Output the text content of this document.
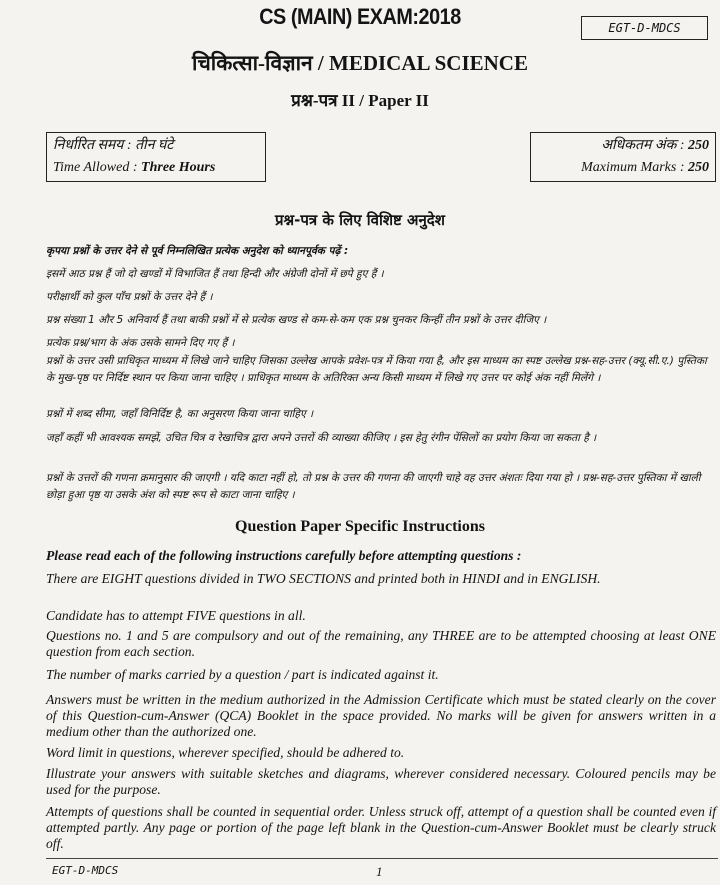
CS (MAIN) EXAM:2018	EGT-D-MDCS
चिकित्सा-विज्ञान / MEDICAL SCIENCE
प्रश्न-पत्र II / Paper II
निर्धारित समय : तीन घंटे
Time Allowed : Three Hours
अधिकतम अंक : 250
Maximum Marks : 250
प्रश्न-पत्र के लिए विशिष्ट अनुदेश
कृपया प्रश्नों के उत्तर देने से पूर्व निम्नलिखित प्रत्येक अनुदेश को ध्यानपूर्वक पढ़ें :
इसमें आठ प्रश्न हैं जो दो खण्डों में विभाजित हैं तथा हिन्दी और अंग्रेजी दोनों में छपे हुए हैं ।
परीक्षार्थी को कुल पाँच प्रश्नों के उत्तर देने हैं ।
प्रश्न संख्या 1 और 5 अनिवार्य हैं तथा बाकी प्रश्नों में से प्रत्येक खण्ड से कम-से-कम एक प्रश्न चुनकर किन्हीं तीन प्रश्नों के उत्तर दीजिए ।
प्रत्येक प्रश्न/भाग के अंक उसके सामने दिए गए हैं ।
प्रश्नों के उत्तर उसी प्राधिकृत माध्यम में लिखे जाने चाहिए जिसका उल्लेख आपके प्रवेश-पत्र में किया गया है, और इस माध्यम का स्पष्ट उल्लेख प्रश्न-सह-उत्तर (क्यू.सी.ए.) पुस्तिका के मुख-पृष्ठ पर निर्दिष्ट स्थान पर किया जाना चाहिए । प्राधिकृत माध्यम के अतिरिक्त अन्य किसी माध्यम में लिखे गए उत्तर पर कोई अंक नहीं मिलेंगे ।
प्रश्नों में शब्द सीमा, जहाँ विनिर्दिष्ट है, का अनुसरण किया जाना चाहिए ।
जहाँ कहीं भी आवश्यक समझें, उचित चित्र व रेखाचित्र द्वारा अपने उत्तरों की व्याख्या कीजिए । इस हेतु रंगीन पेंसिलों का प्रयोग किया जा सकता है ।
प्रश्नों के उत्तरों की गणना क्रमानुसार की जाएगी । यदि काटा नहीं हो, तो प्रश्न के उत्तर की गणना की जाएगी चाहे वह उत्तर अंशतः दिया गया हो । प्रश्न-सह-उत्तर पुस्तिका में खाली छोड़ा हुआ पृष्ठ या उसके अंश को स्पष्ट रूप से काटा जाना चाहिए ।
Question Paper Specific Instructions
Please read each of the following instructions carefully before attempting questions :
There are EIGHT questions divided in TWO SECTIONS and printed both in HINDI and in ENGLISH.
Candidate has to attempt FIVE questions in all.
Questions no. 1 and 5 are compulsory and out of the remaining, any THREE are to be attempted choosing at least ONE question from each section.
The number of marks carried by a question / part is indicated against it.
Answers must be written in the medium authorized in the Admission Certificate which must be stated clearly on the cover of this Question-cum-Answer (QCA) Booklet in the space provided. No marks will be given for answers written in a medium other than the authorized one.
Word limit in questions, wherever specified, should be adhered to.
Illustrate your answers with suitable sketches and diagrams, wherever considered necessary. Coloured pencils may be used for the purpose.
Attempts of questions shall be counted in sequential order. Unless struck off, attempt of a question shall be counted even if attempted partly. Any page or portion of the page left blank in the Question-cum-Answer Booklet must be clearly struck off.
EGT-D-MDCS	1
